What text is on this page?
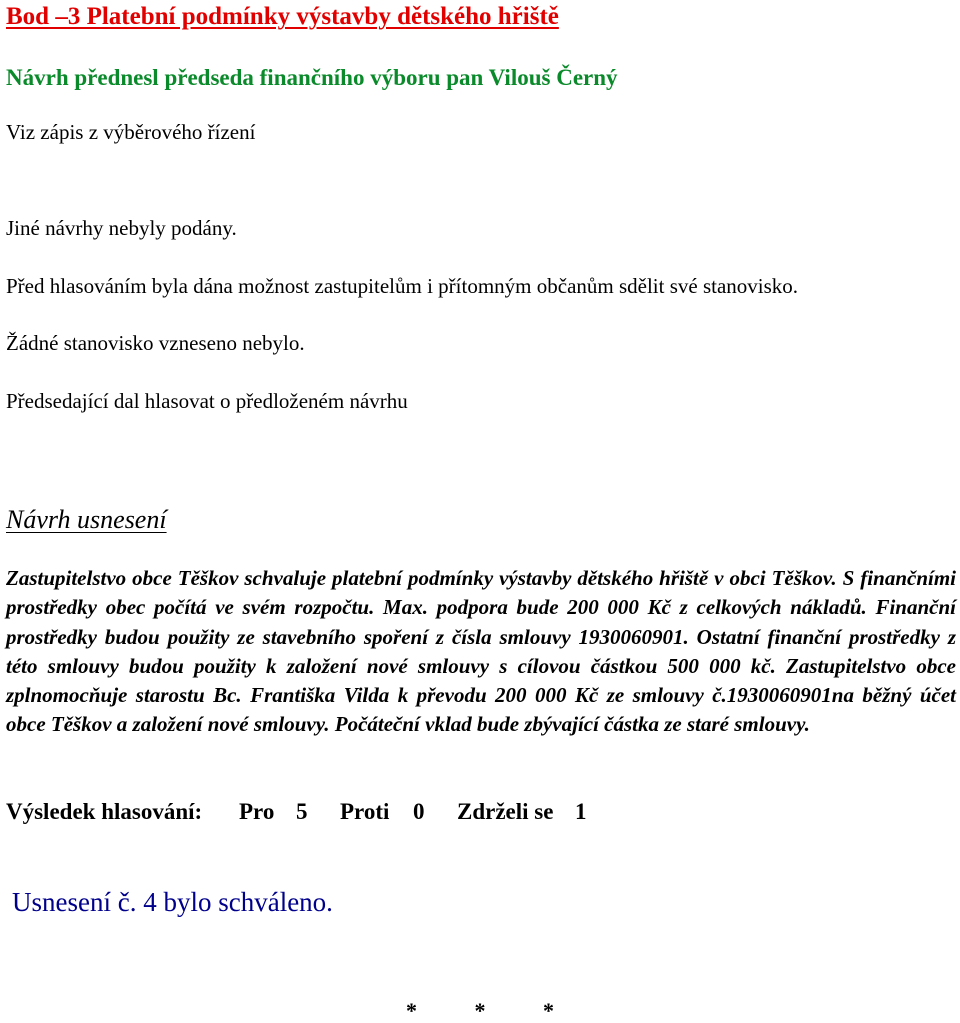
Bod –3 Platební podmínky výstavby dětského hřiště
Návrh přednesl předseda finančního výboru pan Vilouš Černý
Viz zápis z výběrového řízení
Jiné návrhy nebyly podány.
Před hlasováním byla dána možnost zastupitelům i přítomným občanům sdělit své stanovisko.
Žádné stanovisko vzneseno nebylo.
Předsedající dal hlasovat o předloženém návrhu
Návrh usnesení

Zastupitelstvo obce Těškov schvaluje platební podmínky výstavby dětského hřiště v obci Těškov. S finančními prostředky obec počítá ve svém rozpočtu. Max. podpora bude 200 000 Kč z celkových nákladů. Finanční prostředky budou použity ze stavebního spoření z čísla smlouvy 1930060901. Ostatní finanční prostředky z této smlouvy budou použity k založení nové smlouvy s cílovou částkou 500 000 kč. Zastupitelstvo obce zplnomocňuje starostu Bc. Františka Vilda k převodu 200 000 Kč ze smlouvy č.1930060901na běžný účet obce Těškov a založení nové smlouvy. Počáteční vklad bude zbývající částka ze staré smlouvy.

Výsledek hlasování: Pro 5 Proti 0 Zdrželi se 1
Usnesení č. 4 bylo schváleno.
* * *
